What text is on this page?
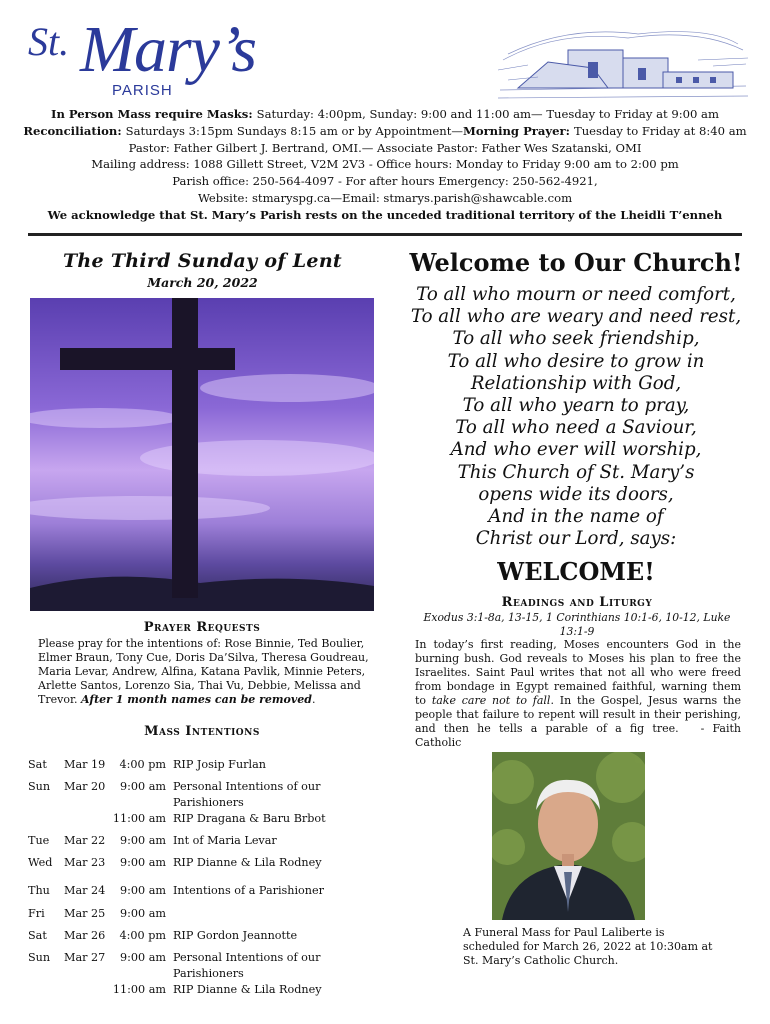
St. Mary’s
PARISH
In Person Mass require Masks: Saturday: 4:00pm, Sunday: 9:00 and 11:00 am— Tuesday to Friday at 9:00 am
Reconciliation: Saturdays 3:15pm Sundays 8:15 am or by Appointment—Morning Prayer: Tuesday to Friday at 8:40 am
Pastor: Father Gilbert J. Bertrand, OMI.— Associate Pastor: Father Wes Szatanski, OMI
Mailing address: 1088 Gillett Street, V2M 2V3 - Office hours: Monday to Friday 9:00 am to 2:00 pm
Parish office: 250-564-4097 - For after hours Emergency: 250-562-4921,
Website: stmaryspg.ca—Email: stmarys.parish@shawcable.com
We acknowledge that St. Mary’s Parish rests on the unceded traditional territory of the Lheidli T’enneh
The Third Sunday of Lent
March 20, 2022
Prayer Requests
Please pray for the intentions of: Rose Binnie, Ted Boulier, Elmer Braun, Tony Cue, Doris Da’Silva, Theresa Goudreau, Maria Levar, Andrew, Alfina, Katana Pavlik, Minnie Peters, Arlette Santos, Lorenzo Sia, Thai Vu, Debbie, Melissa and Trevor. After 1 month names can be removed.
Mass Intentions
Sat Mar 19	4:00 pm RIP Josip Furlan
Sun Mar 20	9:00 am Personal Intentions of our Parishioners
11:00 am RIP Dragana & Baru Brbot
Tue Mar 22	9:00 am Int of Maria Levar
Wed Mar 23	9:00 am RIP Dianne & Lila Rodney
Thu Mar 24	9:00 am Intentions of a Parishioner
Fri Mar 25	9:00 am
Sat Mar 26	4:00 pm RIP Gordon Jeannotte
Sun Mar 27	9:00 am Personal Intentions of our Parishioners
11:00 am RIP Dianne & Lila Rodney
Welcome to Our Church!
To all who mourn or need comfort,
To all who are weary and need rest,
To all who seek friendship,
To all who desire to grow in
Relationship with God,
To all who yearn to pray,
To all who need a Saviour,
And who ever will worship,
This Church of St. Mary’s
opens wide its doors,
And in the name of
Christ our Lord, says:
WELCOME!
Readings and Liturgy
Exodus 3:1-8a, 13-15, 1 Corinthians 10:1-6, 10-12, Luke 13:1-9
In today’s first reading, Moses encounters God in the burning bush. God reveals to Moses his plan to free the Israelites. Saint Paul writes that not all who were freed from bondage in Egypt remained faithful, warning them to take care not to fall. In the Gospel, Jesus warns the people that failure to repent will result in their perishing, and then he tells a parable of a fig tree. - Faith Catholic
A Funeral Mass for Paul Laliberte is scheduled for March 26, 2022 at 10:30am at St. Mary’s Catholic Church.
